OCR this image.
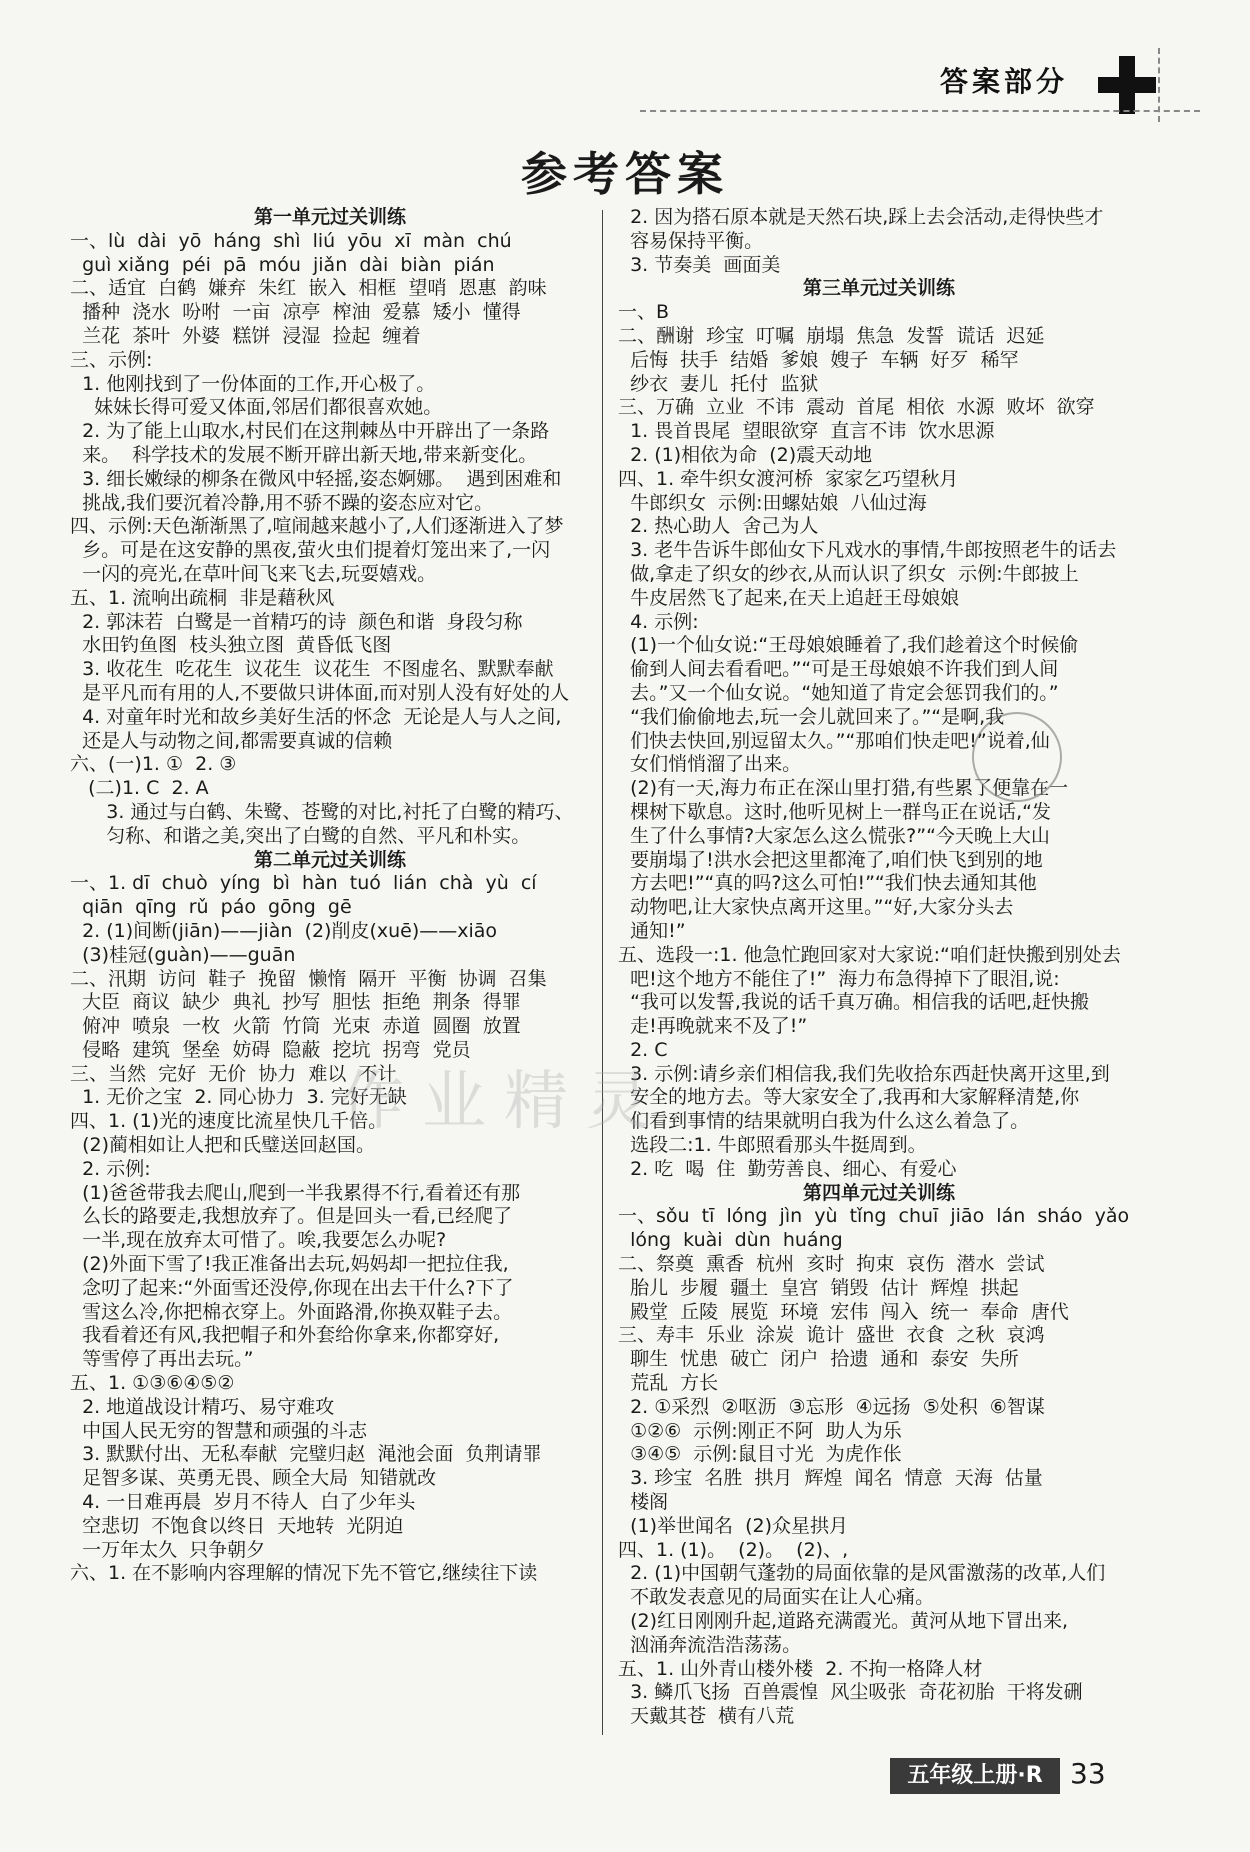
答案部分
参考答案
第一单元过关训练
一、lù  dài  yō  háng  shì  liú  yōu  xī  màn  chú
guì xiǎng  péi  pā  móu  jiǎn  dài  biàn  pián
二、适宜  白鹤  嫌弃  朱红  嵌入  相框  望哨  恩惠  韵味
播种  浇水  吩咐  一亩  凉亭  榨油  爱慕  矮小  懂得
兰花  茶叶  外婆  糕饼  浸湿  捡起  缠着
三、示例:
1. 他刚找到了一份体面的工作,开心极了。
妹妹长得可爱又体面,邻居们都很喜欢她。
2. 为了能上山取水,村民们在这荆棘丛中开辟出了一条路
来。  科学技术的发展不断开辟出新天地,带来新变化。
3. 细长嫩绿的柳条在微风中轻摇,姿态婀娜。  遇到困难和
挑战,我们要沉着冷静,用不骄不躁的姿态应对它。
四、示例:天色渐渐黑了,喧闹越来越小了,人们逐渐进入了梦
乡。可是在这安静的黑夜,萤火虫们提着灯笼出来了,一闪
一闪的亮光,在草叶间飞来飞去,玩耍嬉戏。
五、1. 流响出疏桐  非是藉秋风
2. 郭沫若  白鹭是一首精巧的诗  颜色和谐  身段匀称
水田钓鱼图  枝头独立图  黄昏低飞图
3. 收花生  吃花生  议花生  议花生  不图虚名、默默奉献
是平凡而有用的人,不要做只讲体面,而对别人没有好处的人
4. 对童年时光和故乡美好生活的怀念  无论是人与人之间,
还是人与动物之间,都需要真诚的信赖
六、(一)1. ①  2. ③
(二)1. C  2. A
3. 通过与白鹤、朱鹭、苍鹭的对比,衬托了白鹭的精巧、
匀称、和谐之美,突出了白鹭的自然、平凡和朴实。
第二单元过关训练
一、1. dī  chuò  yíng  bì  hàn  tuó  lián  chà  yù  cí
qiān  qīng  rǔ  páo  gōng  gē
2. (1)间断(jiān)——jiàn  (2)削皮(xuē)——xiāo
(3)桂冠(guàn)——guān
二、汛期  访问  鞋子  挽留  懒惰  隔开  平衡  协调  召集
大臣  商议  缺少  典礼  抄写  胆怯  拒绝  荆条  得罪
俯冲  喷泉  一枚  火箭  竹筒  光束  赤道  圆圈  放置
侵略  建筑  堡垒  妨碍  隐蔽  挖坑  拐弯  党员
三、当然  完好  无价  协力  难以  不计
1. 无价之宝  2. 同心协力  3. 完好无缺
四、1. (1)光的速度比流星快几千倍。
(2)蔺相如让人把和氏璧送回赵国。
2. 示例:
(1)爸爸带我去爬山,爬到一半我累得不行,看着还有那
么长的路要走,我想放弃了。但是回头一看,已经爬了
一半,现在放弃太可惜了。唉,我要怎么办呢?
(2)外面下雪了!我正准备出去玩,妈妈却一把拉住我,
念叨了起来:“外面雪还没停,你现在出去干什么?下了
雪这么冷,你把棉衣穿上。外面路滑,你换双鞋子去。
我看着还有风,我把帽子和外套给你拿来,你都穿好,
等雪停了再出去玩。”
五、1. ①③⑥④⑤②
2. 地道战设计精巧、易守难攻
中国人民无穷的智慧和顽强的斗志
3. 默默付出、无私奉献  完璧归赵  渑池会面  负荆请罪
足智多谋、英勇无畏、顾全大局  知错就改
4. 一日难再晨  岁月不待人  白了少年头
空悲切  不饱食以终日  天地转  光阴迫
一万年太久  只争朝夕
六、1. 在不影响内容理解的情况下先不管它,继续往下读
2. 因为搭石原本就是天然石块,踩上去会活动,走得快些才
容易保持平衡。
3. 节奏美  画面美
第三单元过关训练
一、B
二、酬谢  珍宝  叮嘱  崩塌  焦急  发誓  谎话  迟延
后悔  扶手  结婚  爹娘  嫂子  车辆  好歹  稀罕
纱衣  妻儿  托付  监狱
三、万确  立业  不讳  震动  首尾  相依  水源  败坏  欲穿
1. 畏首畏尾  望眼欲穿  直言不讳  饮水思源
2. (1)相依为命  (2)震天动地
四、1. 牵牛织女渡河桥  家家乞巧望秋月
牛郎织女  示例:田螺姑娘  八仙过海
2. 热心助人  舍己为人
3. 老牛告诉牛郎仙女下凡戏水的事情,牛郎按照老牛的话去
做,拿走了织女的纱衣,从而认识了织女  示例:牛郎披上
牛皮居然飞了起来,在天上追赶王母娘娘
4. 示例:
(1)一个仙女说:“王母娘娘睡着了,我们趁着这个时候偷
偷到人间去看看吧。”“可是王母娘娘不许我们到人间
去。”又一个仙女说。“她知道了肯定会惩罚我们的。”
“我们偷偷地去,玩一会儿就回来了。”“是啊,我
们快去快回,别逗留太久。”“那咱们快走吧!”说着,仙
女们悄悄溜了出来。
(2)有一天,海力布正在深山里打猎,有些累了便靠在一
棵树下歇息。这时,他听见树上一群鸟正在说话,“发
生了什么事情?大家怎么这么慌张?”“今天晚上大山
要崩塌了!洪水会把这里都淹了,咱们快飞到别的地
方去吧!”“真的吗?这么可怕!”“我们快去通知其他
动物吧,让大家快点离开这里。”“好,大家分头去
通知!”
五、选段一:1. 他急忙跑回家对大家说:“咱们赶快搬到别处去
吧!这个地方不能住了!”  海力布急得掉下了眼泪,说:
“我可以发誓,我说的话千真万确。相信我的话吧,赶快搬
走!再晚就来不及了!”
2. C
3. 示例:请乡亲们相信我,我们先收拾东西赶快离开这里,到
安全的地方去。等大家安全了,我再和大家解释清楚,你
们看到事情的结果就明白我为什么这么着急了。
选段二:1. 牛郎照看那头牛挺周到。
2. 吃  喝  住  勤劳善良、细心、有爱心
第四单元过关训练
一、sǒu  tī  lóng  jìn  yù  tǐng  chuī  jiāo  lán  sháo  yǎo
lóng  kuài  dùn  huáng
二、祭奠  熏香  杭州  亥时  拘束  哀伤  潜水  尝试
胎儿  步履  疆土  皇宫  销毁  估计  辉煌  拱起
殿堂  丘陵  展览  环境  宏伟  闯入  统一  奉命  唐代
三、寿丰  乐业  涂炭  诡计  盛世  衣食  之秋  哀鸿
聊生  忧患  破亡  闭户  拾遗  通和  泰安  失所
荒乱  方长
2. ①采烈  ②呕沥  ③忘形  ④远扬  ⑤处积  ⑥智谋
①②⑥  示例:刚正不阿  助人为乐
③④⑤  示例:鼠目寸光  为虎作伥
3. 珍宝  名胜  拱月  辉煌  闻名  情意  天海  估量
楼阁
(1)举世闻名  (2)众星拱月
四、1. (1)。  (2)。  (2)、,
2. (1)中国朝气蓬勃的局面依靠的是风雷激荡的改革,人们
不敢发表意见的局面实在让人心痛。
(2)红日刚刚升起,道路充满霞光。黄河从地下冒出来,
汹涌奔流浩浩荡荡。
五、1. 山外青山楼外楼  2. 不拘一格降人材
3. 鳞爪飞扬  百兽震惶  风尘吸张  奇花初胎  干将发硎
天戴其苍  横有八荒
作业精灵
五年级上册·R 33
